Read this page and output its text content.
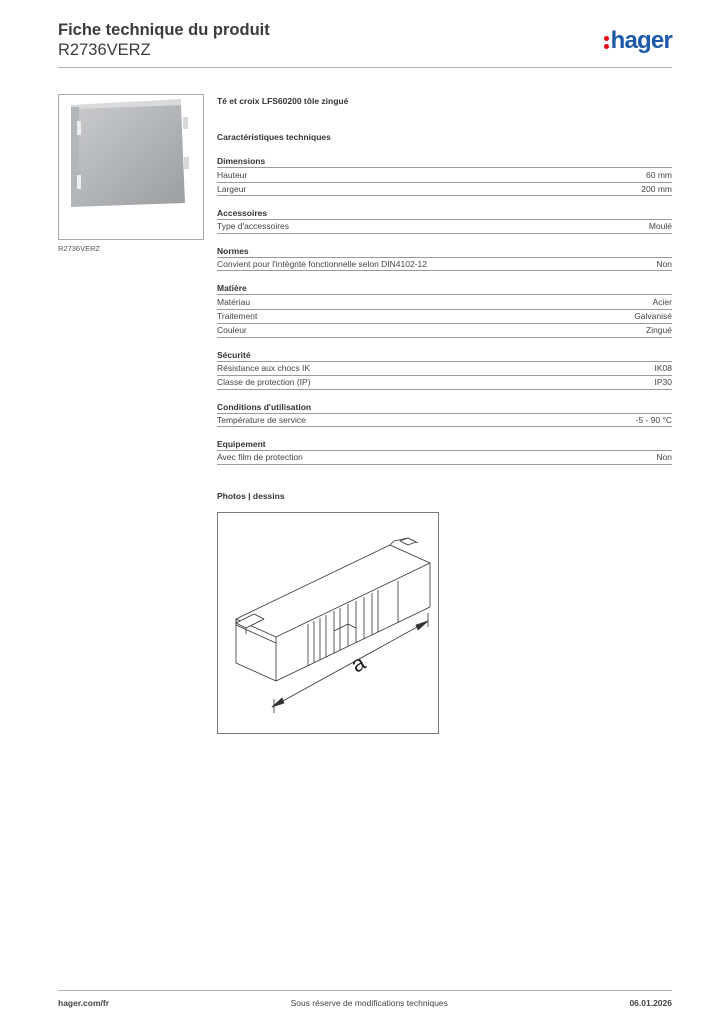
Fiche technique du produit
R2736VERZ	hager
R2736VERZ
Té et croix LFS60200 tôle zingué
Caractéristiques techniques
Dimensions
Hauteur	60 mm
Largeur	200 mm
Accessoires
Type d'accessoires	Moulé
Normes
Convient pour l'intégrité fonctionnelle selon DIN4102-12	Non
Matière
Matériau	Acier
Traitement	Galvanisé
Couleur	Zingué
Sécurité
Résistance aux chocs IK	IK08
Classe de protection (IP)	IP30
Conditions d'utilisation
Température de service	-5 - 90 °C
Equipement
Avec film de protection	Non
Photos | dessins
a
hager.com/fr	Sous réserve de modifications techniques	06.01.2026
